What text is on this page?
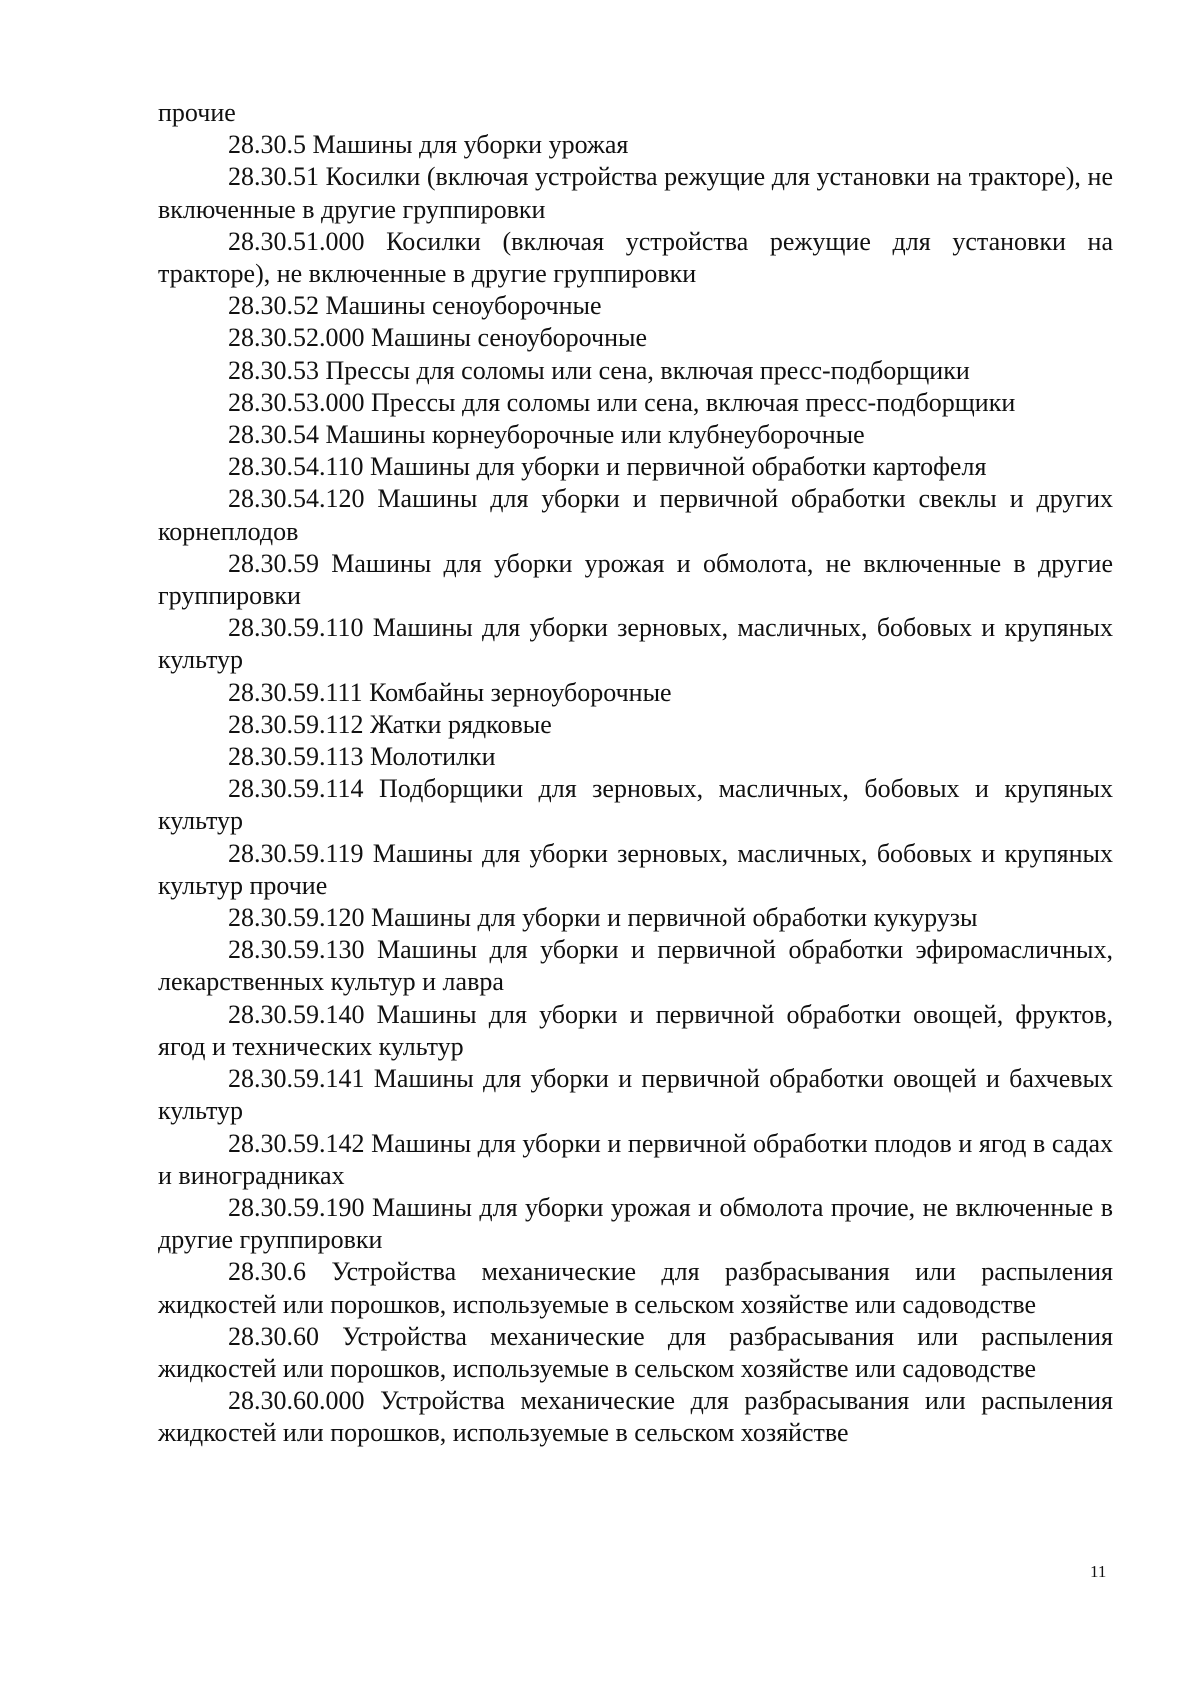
прочие

28.30.5 Машины для уборки урожая

28.30.51 Косилки (включая устройства режущие для установки на тракторе), не включенные в другие группировки

28.30.51.000 Косилки (включая устройства режущие для установки на тракторе), не включенные в другие группировки

28.30.52 Машины сеноуборочные

28.30.52.000 Машины сеноуборочные

28.30.53 Прессы для соломы или сена, включая пресс-подборщики

28.30.53.000 Прессы для соломы или сена, включая пресс-подборщики

28.30.54 Машины корнеуборочные или клубнеуборочные

28.30.54.110 Машины для уборки и первичной обработки картофеля

28.30.54.120 Машины для уборки и первичной обработки свеклы и других корнеплодов

28.30.59 Машины для уборки урожая и обмолота, не включенные в другие группировки

28.30.59.110 Машины для уборки зерновых, масличных, бобовых и крупяных культур

28.30.59.111 Комбайны зерноуборочные

28.30.59.112 Жатки рядковые

28.30.59.113 Молотилки

28.30.59.114 Подборщики для зерновых, масличных, бобовых и крупяных культур

28.30.59.119 Машины для уборки зерновых, масличных, бобовых и крупяных культур прочие

28.30.59.120 Машины для уборки и первичной обработки кукурузы

28.30.59.130 Машины для уборки и первичной обработки эфиромасличных, лекарственных культур и лавра

28.30.59.140 Машины для уборки и первичной обработки овощей, фруктов, ягод и технических культур

28.30.59.141 Машины для уборки и первичной обработки овощей и бахчевых культур

28.30.59.142 Машины для уборки и первичной обработки плодов и ягод в садах и виноградниках

28.30.59.190 Машины для уборки урожая и обмолота прочие, не включенные в другие группировки

28.30.6 Устройства механические для разбрасывания или распыления жидкостей или порошков, используемые в сельском хозяйстве или садоводстве

28.30.60 Устройства механические для разбрасывания или распыления жидкостей или порошков, используемые в сельском хозяйстве или садоводстве

28.30.60.000 Устройства механические для разбрасывания или распыления жидкостей или порошков, используемые в сельском хозяйстве

11
